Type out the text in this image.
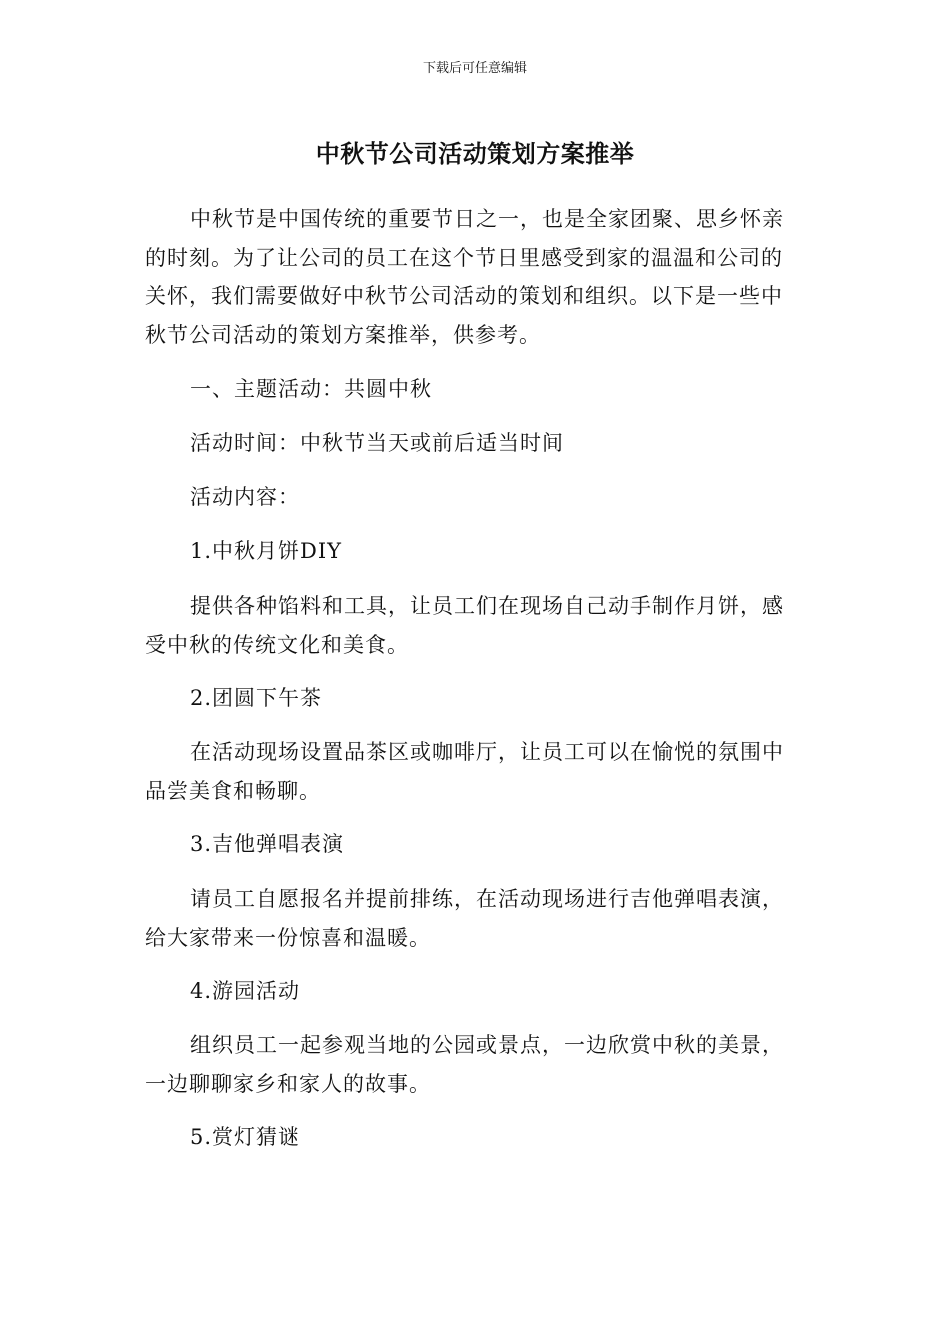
下载后可任意编辑
中秋节公司活动策划方案推举

中秋节是中国传统的重要节日之一，也是全家团聚、思乡怀亲的时刻。为了让公司的员工在这个节日里感受到家的温温和公司的关怀，我们需要做好中秋节公司活动的策划和组织。以下是一些中秋节公司活动的策划方案推举，供参考。

一、主题活动：共圆中秋

活动时间：中秋节当天或前后适当时间

活动内容：

1.中秋月饼DIY

提供各种馅料和工具，让员工们在现场自己动手制作月饼，感受中秋的传统文化和美食。

2.团圆下午茶

在活动现场设置品茶区或咖啡厅，让员工可以在愉悦的氛围中品尝美食和畅聊。

3.吉他弹唱表演

请员工自愿报名并提前排练，在活动现场进行吉他弹唱表演，给大家带来一份惊喜和温暖。

4.游园活动

组织员工一起参观当地的公园或景点，一边欣赏中秋的美景，一边聊聊家乡和家人的故事。

5.赏灯猜谜
